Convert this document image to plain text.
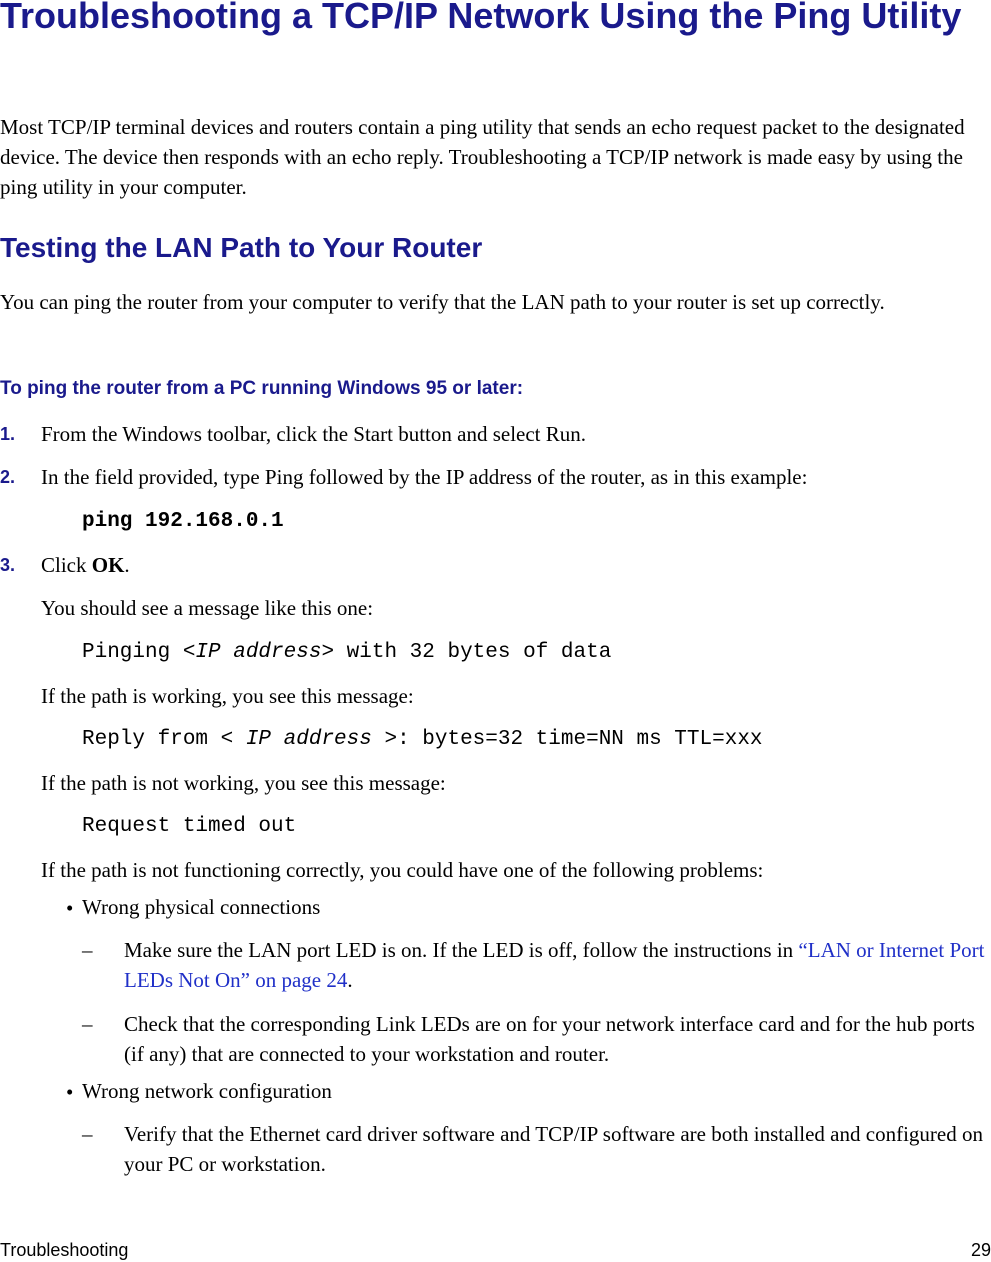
Troubleshooting a TCP/IP Network Using the Ping Utility

Most TCP/IP terminal devices and routers contain a ping utility that sends an echo request packet to the designated device. The device then responds with an echo reply. Troubleshooting a TCP/IP network is made easy by using the ping utility in your computer.

Testing the LAN Path to Your Router

You can ping the router from your computer to verify that the LAN path to your router is set up correctly.

To ping the router from a PC running Windows 95 or later:
1. From the Windows toolbar, click the Start button and select Run.
2. In the field provided, type Ping followed by the IP address of the router, as in this example:
ping 192.168.0.1
3. Click OK.
You should see a message like this one:
Pinging <IP address> with 32 bytes of data
If the path is working, you see this message:
Reply from < IP address >: bytes=32 time=NN ms TTL=xxx
If the path is not working, you see this message:
Request timed out
If the path is not functioning correctly, you could have one of the following problems:
• Wrong physical connections
– Make sure the LAN port LED is on. If the LED is off, follow the instructions in “LAN or Internet Port LEDs Not On” on page 24.

– Check that the corresponding Link LEDs are on for your network interface card and for the hub ports (if any) that are connected to your workstation and router.

• Wrong network configuration
– Verify that the Ethernet card driver software and TCP/IP software are both installed and configured on your PC or workstation.

Troubleshooting	29
